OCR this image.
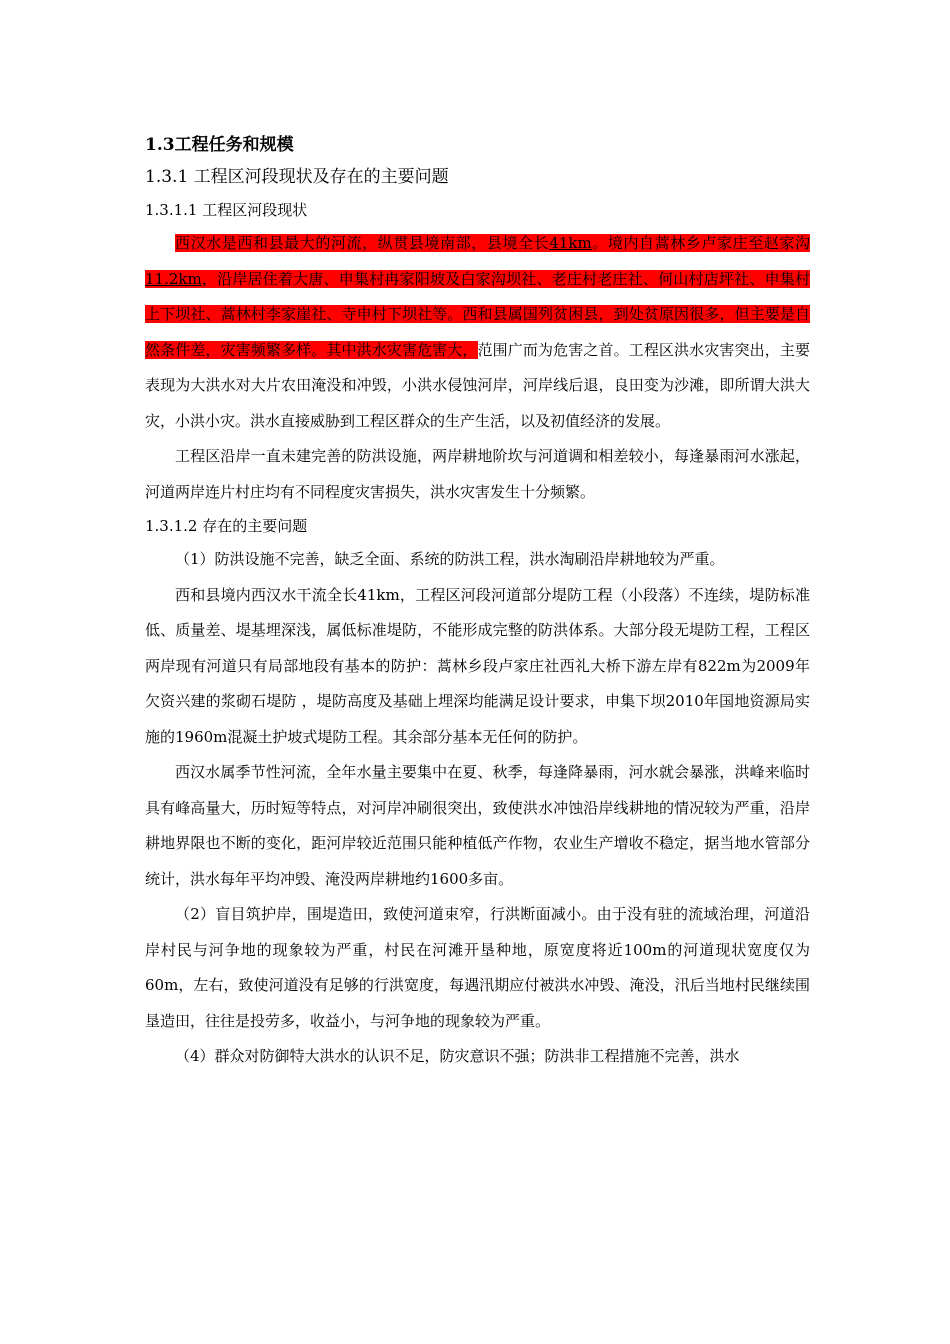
1.3工程任务和规模
1.3.1 工程区河段现状及存在的主要问题
1.3.1.1 工程区河段现状

西汉水是西和县最大的河流，纵贯县境南部，县境全长41km。境内自蒿林乡卢家庄至赵家沟11.2km，沿岸居住着大唐、申集村冉家阳坡及白家沟坝社、老庄村老庄社、何山村店坪社、申集村上下坝社、蒿林村李家崖社、寺申村下坝社等。西和县属国列贫困县，到处贫原因很多，但主要是自然条件差，灾害频繁多样。其中洪水灾害危害大，范围广而为危害之首。工程区洪水灾害突出，主要表现为大洪水对大片农田淹没和冲毁，小洪水侵蚀河岸，河岸线后退，良田变为沙滩，即所谓大洪大灾，小洪小灾。洪水直接威胁到工程区群众的生产生活，以及初值经济的发展。

工程区沿岸一直未建完善的防洪设施，两岸耕地阶坎与河道调和相差较小，每逢暴雨河水涨起，河道两岸连片村庄均有不同程度灾害损失，洪水灾害发生十分频繁。

1.3.1.2 存在的主要问题

（1）防洪设施不完善，缺乏全面、系统的防洪工程，洪水淘刷沿岸耕地较为严重。

西和县境内西汉水干流全长41km，工程区河段河道部分堤防工程（小段落）不连续，堤防标准低、质量差、堤基埋深浅，属低标准堤防，不能形成完整的防洪体系。大部分段无堤防工程，工程区两岸现有河道只有局部地段有基本的防护：蒿林乡段卢家庄社西礼大桥下游左岸有822m为2009年欠资兴建的浆砌石堤防 ，堤防高度及基础上埋深均能满足设计要求，申集下坝2010年国地资源局实施的1960m混凝土护坡式堤防工程。其余部分基本无任何的防护。

西汉水属季节性河流，全年水量主要集中在夏、秋季，每逢降暴雨，河水就会暴涨，洪峰来临时具有峰高量大，历时短等特点，对河岸冲刷很突出，致使洪水冲蚀沿岸线耕地的情况较为严重，沿岸耕地界限也不断的变化，距河岸较近范围只能种植低产作物，农业生产增收不稳定，据当地水管部分统计，洪水每年平均冲毁、淹没两岸耕地约1600多亩。

（2）盲目筑护岸，围堤造田，致使河道束窄，行洪断面减小。由于没有驻的流域治理，河道沿岸村民与河争地的现象较为严重，村民在河滩开垦种地，原宽度将近100m的河道现状宽度仅为60m，左右，致使河道没有足够的行洪宽度，每遇汛期应付被洪水冲毁、淹没，汛后当地村民继续围垦造田，往往是投劳多，收益小，与河争地的现象较为严重。

（4）群众对防御特大洪水的认识不足，防灾意识不强；防洪非工程措施不完善，洪水
